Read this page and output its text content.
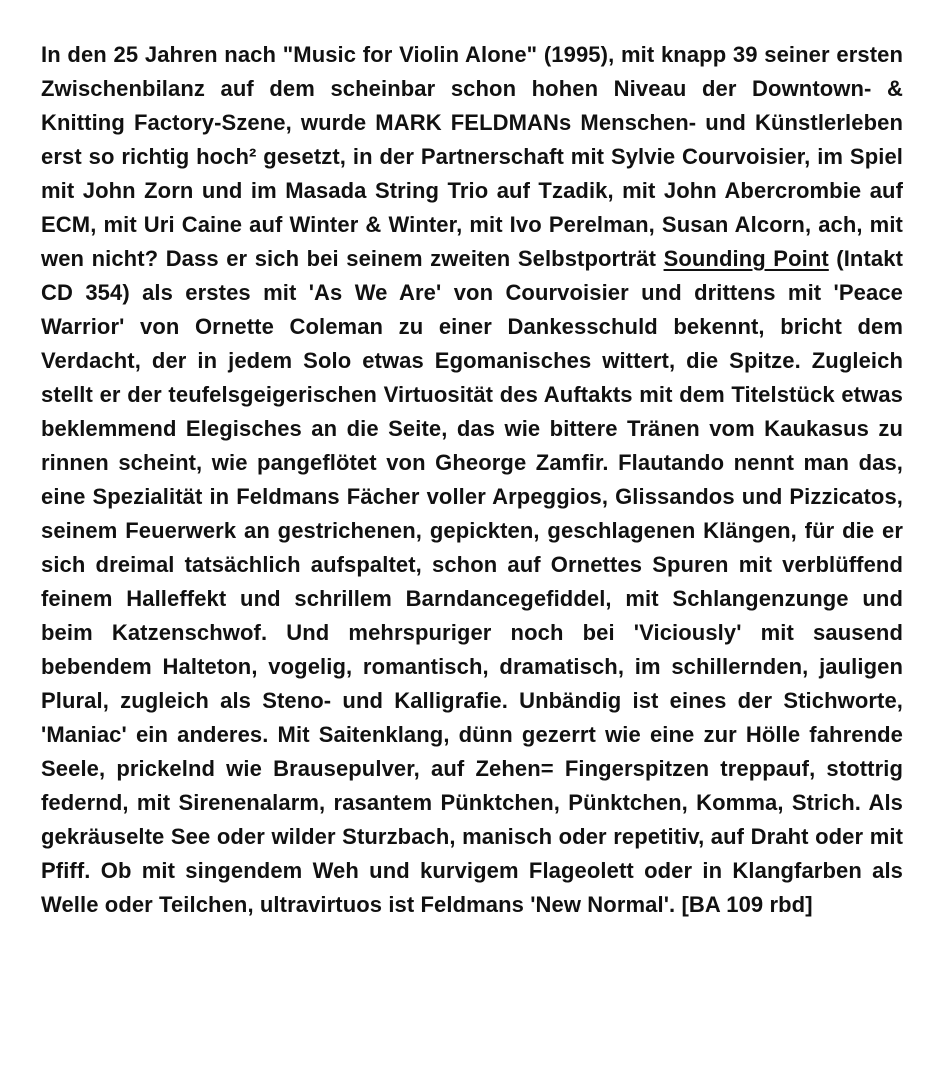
In den 25 Jahren nach "Music for Violin Alone" (1995), mit knapp 39 seiner ersten Zwischenbilanz auf dem scheinbar schon hohen Niveau der Downtown- & Knitting Factory-Szene, wurde MARK FELDMANs Menschen- und Künstlerleben erst so richtig hoch² gesetzt, in der Partnerschaft mit Sylvie Courvoisier, im Spiel mit John Zorn und im Masada String Trio auf Tzadik, mit John Abercrombie auf ECM, mit Uri Caine auf Winter & Winter, mit Ivo Perelman, Susan Alcorn, ach, mit wen nicht? Dass er sich bei seinem zweiten Selbstporträt Sounding Point (Intakt CD 354) als erstes mit 'As We Are' von Courvoisier und drittens mit 'Peace Warrior' von Ornette Coleman zu einer Dankesschuld bekennt, bricht dem Verdacht, der in jedem Solo etwas Egomanisches wittert, die Spitze. Zugleich stellt er der teufelsgeigerischen Virtuosität des Auftakts mit dem Titelstück etwas beklemmend Elegisches an die Seite, das wie bittere Tränen vom Kaukasus zu rinnen scheint, wie pangeflötet von Gheorge Zamfir. Flautando nennt man das, eine Spezialität in Feldmans Fächer voller Arpeggios, Glissandos und Pizzicatos, seinem Feuerwerk an gestrichenen, gepickten, geschlagenen Klängen, für die er sich dreimal tatsächlich aufspaltet, schon auf Ornettes Spuren mit verblüffend feinem Halleffekt und schrillem Barndancegefiddel, mit Schlangenzunge und beim Katzenschwof. Und mehrspuriger noch bei 'Viciously' mit sausend bebendem Halteton, vogelig, romantisch, dramatisch, im schillernden, jauligen Plural, zugleich als Steno- und Kalligrafie. Unbändig ist eines der Stichworte, 'Maniac' ein anderes. Mit Saitenklang, dünn gezerrt wie eine zur Hölle fahrende Seele, prickelnd wie Brausepulver, auf Zehen= Fingerspitzen treppauf, stottrig federnd, mit Sirenenalarm, rasantem Pünktchen, Pünktchen, Komma, Strich. Als gekräuselte See oder wilder Sturzbach, manisch oder repetitiv, auf Draht oder mit Pfiff. Ob mit singendem Weh und kurvigem Flageolett oder in Klangfarben als Welle oder Teilchen, ultravirtuos ist Feldmans 'New Normal'. [BA 109 rbd]
